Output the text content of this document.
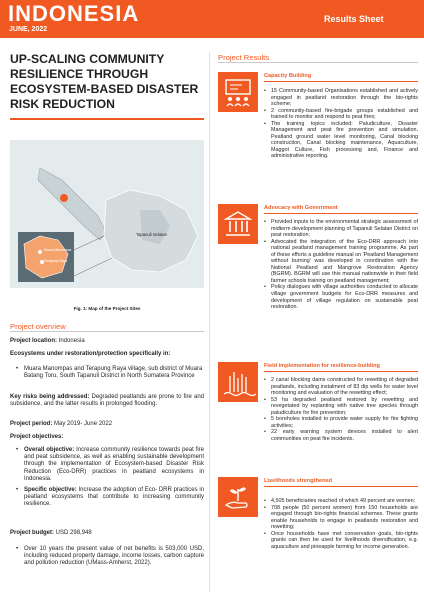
INDONESIA
JUNE, 2022
Results Sheet
UP-SCALING COMMUNITY RESILIENCE THROUGH ECOSYSTEM-BASED DISASTER RISK REDUCTION
Tapanuli Selatan
Muara Manompas
Terapung Raya
Fig. 1: Map of the Project Sites
Project overview
Project location: Indonesia
Ecosystems under restoration/protection specifically in:
• Muara Manompas and Terapung Raya village, sub district of Muara Batang Toru, South Tapanuli District in North Sumatera Province
Key risks being addressed: Degraded peatlands are prone to fire and subsidence, and the latter results in prolonged flooding.
Project period: May 2019- June 2022
Project objectives:
• Overall objective: Increase community resilience towards peat fire and peat subsidence, as well as enabling sustainable development through the implementation of Ecosystem-based Disaster Risk Reduction (Eco-DRR) practices in peatland ecosystems in Indonesia.
• Specific objective: Increase the adoption of Eco- DRR practices in peatland ecosystems that contribute to increasing community resilience.
Project budget: USD 298,948
• Over 10 years the present value of net benefits is 503,000 USD, including reduced property damage, income losses, carbon capture and pollution reduction (UMass-Amherst, 2022).
Project Results
Capacity Building
• 15 Community-based Organisations established and actively engaged in peatland restoration through the bio-rights scheme;
• 2 community-based fire-brigade groups established and trained to monitor and respond to peat fires;
• The training topics included: Paludiculture, Disaster Management and peat fire prevention and simulation, Peatland ground water level monitoring, Canal blocking construction, Canal blocking maintenance, Aquaculture, Maggot Culture, Fish processing and, Finance and administrative reporting.
Advocacy with Government
• Provided inputs to the environmental strategic assessment of midterm development planning of Tapanuli Selatan District on peat restoration;
• Advocated the integration of the Eco-DRR approach into national peatland management training programme. As part of these efforts a guideline manual on 'Peatland Management without burning' was developed in coordination with the National Peatland and Mangrove Restoration Agency (BGRM). BGRM will use this manual nationwide in their field farmer schools training on peatland management;
• Policy dialogues with village authorities conducted to allocate village government budgets for Eco-DRR measures and development of village regulation on sustainable peat restoration.
Field implementation for resilience-building
• 2 canal blocking dams constructed for rewetting of degraded peatlands, including instalment of 83 dip wells for water level monitoring and evaluation of the rewetting effect;
• 53 ha degraded peatland restored by rewetting and revegetated by replanting with native tree species through paludiculture for fire prevention;
• 5 boreholes installed to provide water supply for fire fighting activities;
• 22 early warning system devices installed to alert communities on peat fire incidents.
Livelihoods strengthened
• 4,505 beneficiaries reached of which 49 percent are women;
• 708 people (50 percent women) from 150 households are engaged through bio-rights financial schemes. These grants enable households to engage in peatlands restoration and rewetting;
• Once households have met conservation goals, bio-rights grants can then be used for livelihoods diversification, e.g. aquaculture and pineapple farming for income generation.
